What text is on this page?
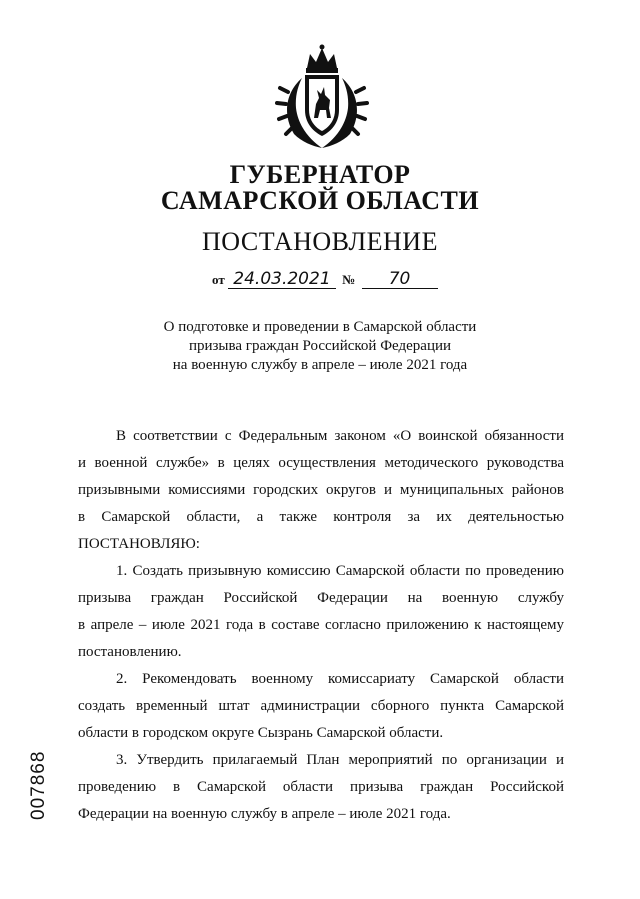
ГУБЕРНАТОР
САМАРСКОЙ ОБЛАСТИ
ПОСТАНОВЛЕНИЕ
от 24.03.2021 № 70
О подготовке и проведении в Самарской области
призыва граждан Российской Федерации
на военную службу в апреле – июле 2021 года

В соответствии с Федеральным законом «О воинской обязанности

и военной службе» в целях осуществления методического руководства

призывными комиссиями городских округов и муниципальных районов

в Самарской области, а также контроля за их деятельностью

ПОСТАНОВЛЯЮ:

1. Создать призывную комиссию Самарской области по проведению

призыва граждан Российской Федерации на военную службу

в апреле – июле 2021 года в составе согласно приложению к настоящему

постановлению.

2. Рекомендовать военному комиссариату Самарской области

создать временный штат администрации сборного пункта Самарской

области в городском округе Сызрань Самарской области.

3. Утвердить прилагаемый План мероприятий по организации и

проведению в Самарской области призыва граждан Российской

Федерации на военную службу в апреле – июле 2021 года.

007868
